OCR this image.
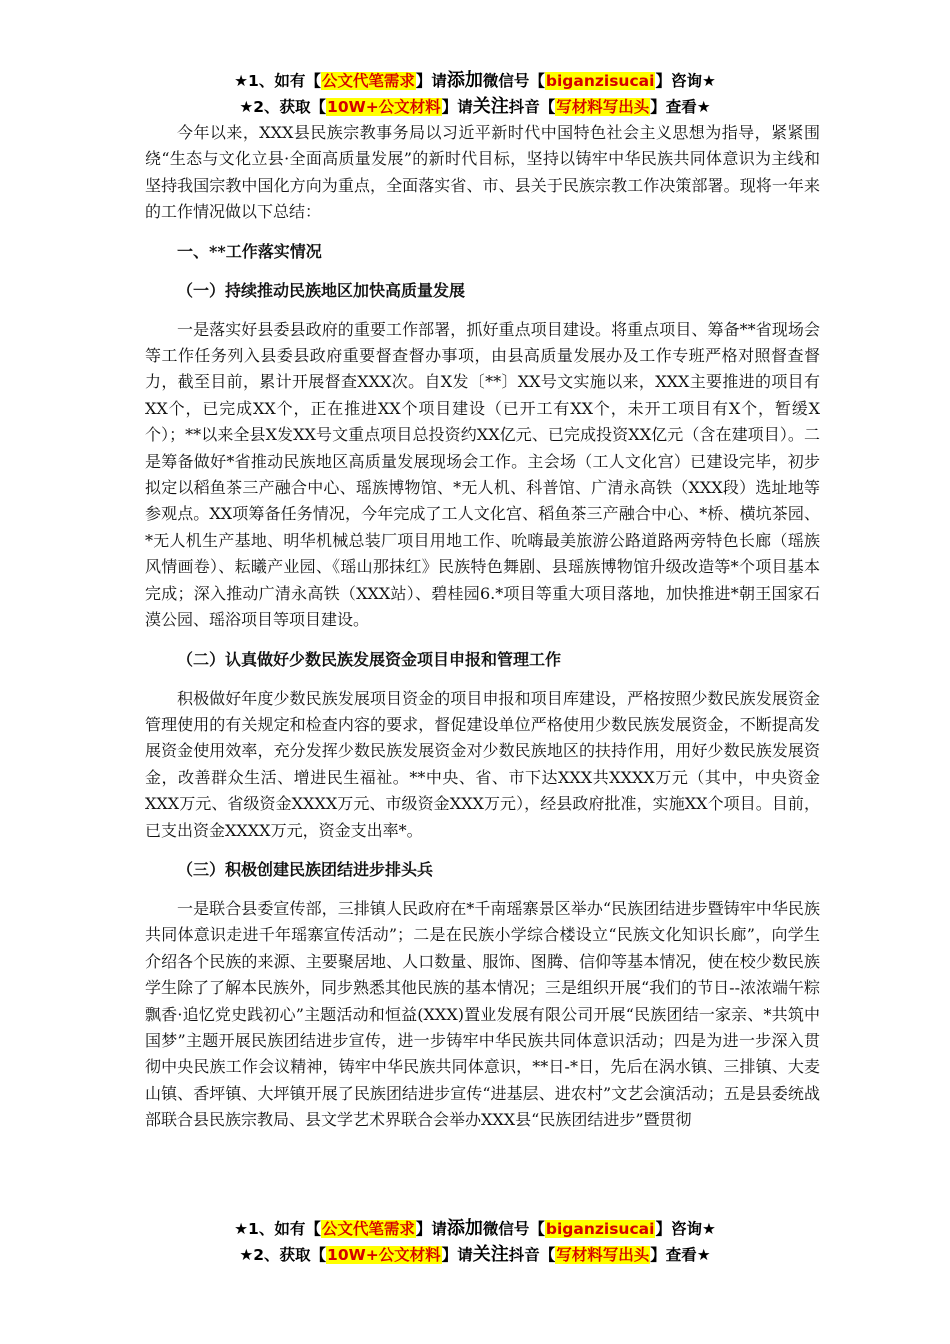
★1、如有【公文代笔需求】请添加微信号【biganzisucai】咨询★
★2、获取【10W+公文材料】请关注抖音【写材料写出头】查看★

今年以来，XXX县民族宗教事务局以习近平新时代中国特色社会主义思想为指导，紧紧围绕“生态与文化立县·全面高质量发展”的新时代目标，坚持以铸牢中华民族共同体意识为主线和坚持我国宗教中国化方向为重点，全面落实省、市、县关于民族宗教工作决策部署。现将一年来的工作情况做以下总结：

一、**工作落实情况
（一）持续推动民族地区加快高质量发展

一是落实好县委县政府的重要工作部署，抓好重点项目建设。将重点项目、筹备**省现场会等工作任务列入县委县政府重要督查督办事项，由县高质量发展办及工作专班严格对照督查督力，截至目前，累计开展督查XXX次。自X发〔**〕XX号文实施以来，XXX主要推进的项目有XX个，已完成XX个，正在推进XX个项目建设（已开工有XX个，未开工项目有X个，暂缓X个）；**以来全县X发XX号文重点项目总投资约XX亿元、已完成投资XX亿元（含在建项目）。二是筹备做好*省推动民族地区高质量发展现场会工作。主会场（工人文化宫）已建设完毕，初步拟定以稻鱼茶三产融合中心、瑶族博物馆、*无人机、科普馆、广清永高铁（XXX段）选址地等参观点。XX项筹备任务情况，今年完成了工人文化宫、稻鱼茶三产融合中心、*桥、横坑茶园、*无人机生产基地、明华机械总装厂项目用地工作、吮嗨最美旅游公路道路两旁特色长廊（瑶族风情画卷）、耘曦产业园、《瑶山那抹红》民族特色舞剧、县瑶族博物馆升级改造等*个项目基本完成；深入推动广清永高铁（XXX站）、碧桂园6.*项目等重大项目落地，加快推进*朝王国家石漠公园、瑶浴项目等项目建设。

（二）认真做好少数民族发展资金项目申报和管理工作

积极做好年度少数民族发展项目资金的项目申报和项目库建设，严格按照少数民族发展资金管理使用的有关规定和检查内容的要求，督促建设单位严格使用少数民族发展资金，不断提高发展资金使用效率，充分发挥少数民族发展资金对少数民族地区的扶持作用，用好少数民族发展资金，改善群众生活、增进民生福祉。**中央、省、市下达XXX共XXXX万元（其中，中央资金XXX万元、省级资金XXXX万元、市级资金XXX万元），经县政府批准，实施XX个项目。目前，已支出资金XXXX万元，资金支出率*。

（三）积极创建民族团结进步排头兵

一是联合县委宣传部，三排镇人民政府在*千南瑶寨景区举办“民族团结进步暨铸牢中华民族共同体意识走进千年瑶寨宣传活动”；二是在民族小学综合楼设立“民族文化知识长廊”，向学生介绍各个民族的来源、主要聚居地、人口数量、服饰、图腾、信仰等基本情况，使在校少数民族学生除了了解本民族外，同步熟悉其他民族的基本情况；三是组织开展“我们的节日--浓浓端午粽飘香·追忆党史践初心”主题活动和恒益(XXX)置业发展有限公司开展“民族团结一家亲、*共筑中国梦”主题开展民族团结进步宣传，进一步铸牢中华民族共同体意识活动；四是为进一步深入贯彻中央民族工作会议精神，铸牢中华民族共同体意识，**日-*日，先后在涡水镇、三排镇、大麦山镇、香坪镇、大坪镇开展了民族团结进步宣传“进基层、进农村”文艺会演活动；五是县委统战部联合县民族宗教局、县文学艺术界联合会举办XXX县“民族团结进步”暨贯彻

★1、如有【公文代笔需求】请添加微信号【biganzisucai】咨询★
★2、获取【10W+公文材料】请关注抖音【写材料写出头】查看★
